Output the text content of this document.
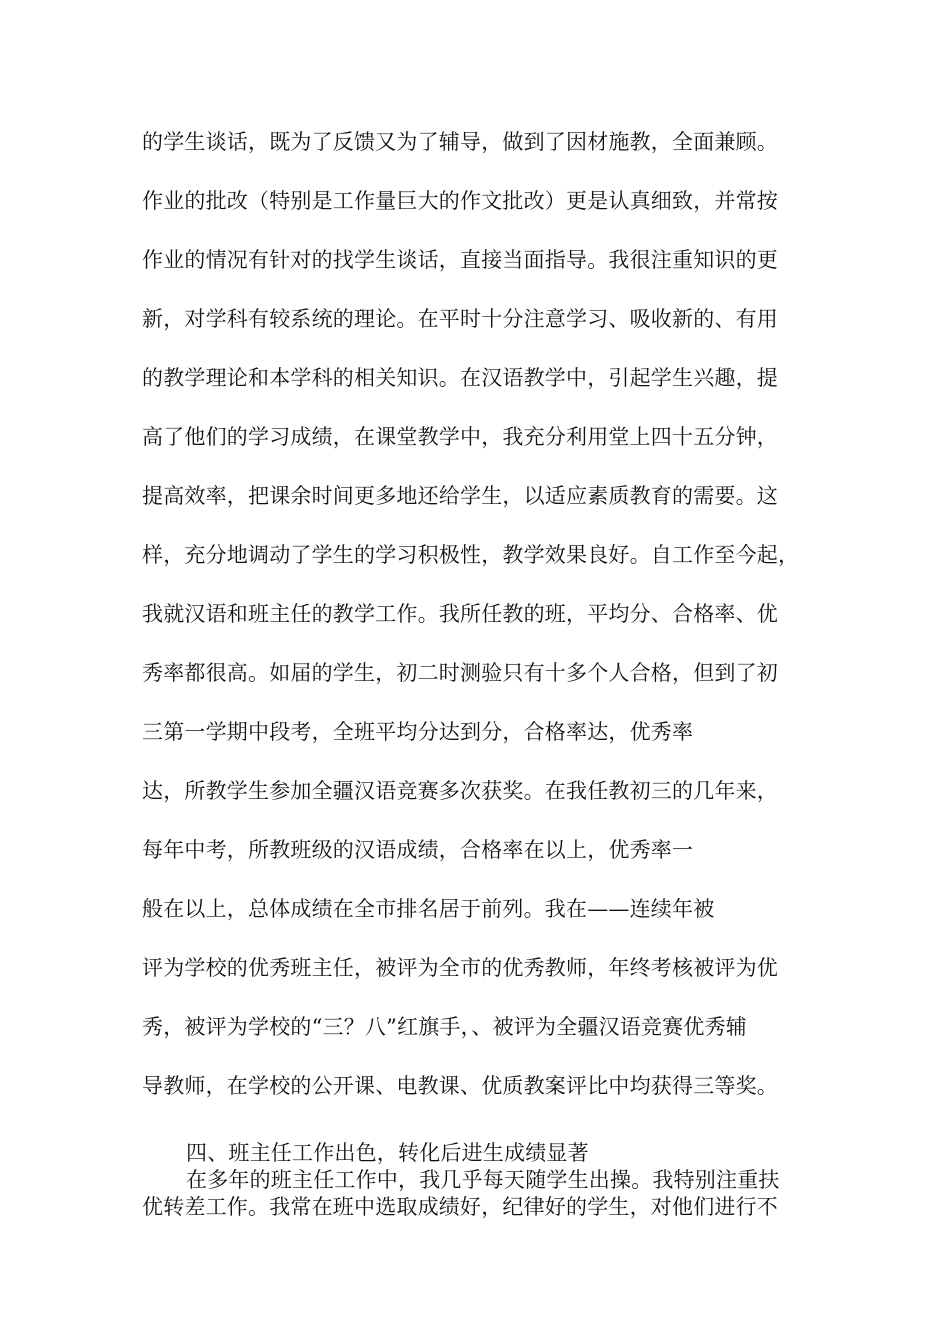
的学生谈话，既为了反馈又为了辅导，做到了因材施教，全面兼顾。
作业的批改（特别是工作量巨大的作文批改）更是认真细致，并常按
作业的情况有针对的找学生谈话，直接当面指导。我很注重知识的更
新，对学科有较系统的理论。在平时十分注意学习、吸收新的、有用
的教学理论和本学科的相关知识。在汉语教学中，引起学生兴趣，提
高了他们的学习成绩，在课堂教学中，我充分利用堂上四十五分钟，
提高效率，把课余时间更多地还给学生，以适应素质教育的需要。这
样，充分地调动了学生的学习积极性，教学效果良好。自工作至今起，
我就汉语和班主任的教学工作。我所任教的班，平均分、合格率、优
秀率都很高。如届的学生，初二时测验只有十多个人合格，但到了初
三第一学期中段考，全班平均分达到分，合格率达，优秀率
达，所教学生参加全疆汉语竞赛多次获奖。在我任教初三的几年来，
每年中考，所教班级的汉语成绩，合格率在以上，优秀率一
般在以上，总体成绩在全市排名居于前列。我在——连续年被
评为学校的优秀班主任，被评为全市的优秀教师，年终考核被评为优
秀，被评为学校的“三？八”红旗手，、被评为全疆汉语竞赛优秀辅
导教师，在学校的公开课、电教课、优质教案评比中均获得三等奖。
四、班主任工作出色，转化后进生成绩显著
在多年的班主任工作中，我几乎每天随学生出操。我特别注重扶
优转差工作。我常在班中选取成绩好，纪律好的学生，对他们进行不
